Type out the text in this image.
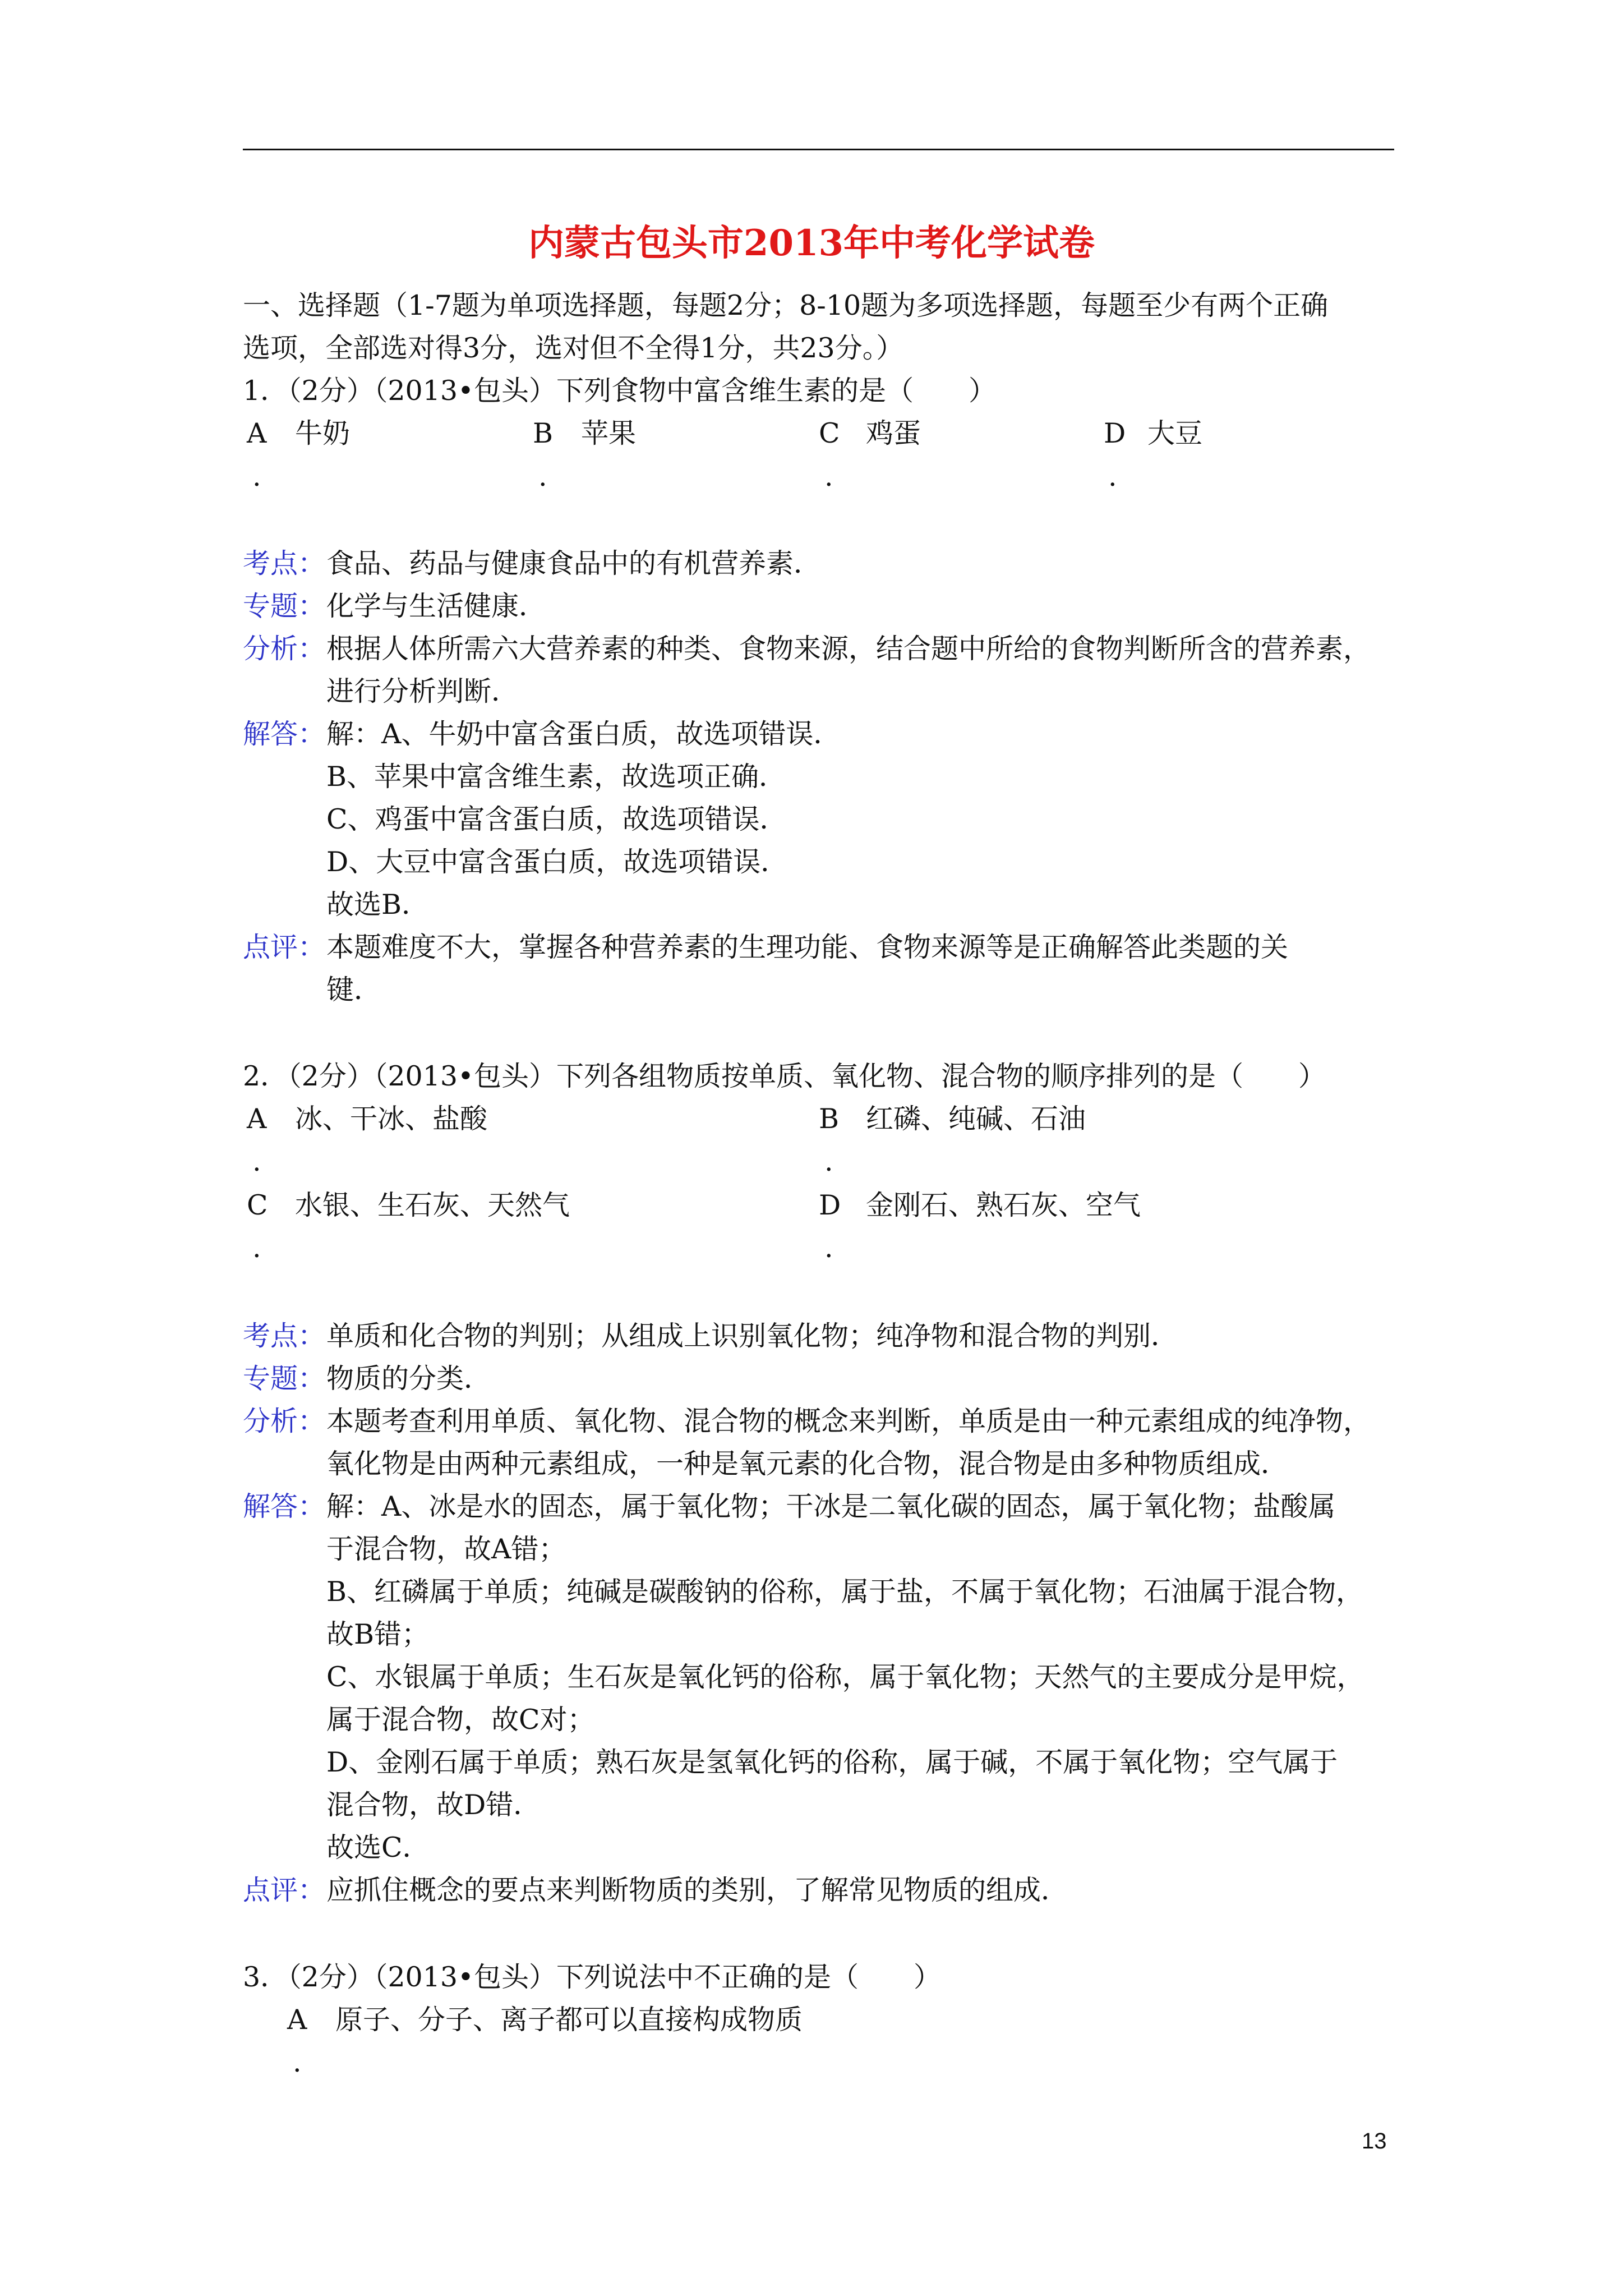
内蒙古包头市2013年中考化学试卷
一、选择题（1-7题为单项选择题，每题2分；8-10题为多项选择题，每题至少有两个正确
选项，全部选对得3分，选对但不全得1分，共23分。）
1．（2分）（2013•包头）下列食物中富含维生素的是（　　）
A 牛奶	B 苹果	C 鸡蛋	D 大豆
.	.	.	.
考点： 食品、药品与健康食品中的有机营养素．
专题： 化学与生活健康．
分析： 根据人体所需六大营养素的种类、食物来源，结合题中所给的食物判断所含的营养素，
进行分析判断．
解答： 解：A、牛奶中富含蛋白质，故选项错误．
B、苹果中富含维生素，故选项正确．
C、鸡蛋中富含蛋白质，故选项错误．
D、大豆中富含蛋白质，故选项错误．
故选B．
点评： 本题难度不大，掌握各种营养素的生理功能、食物来源等是正确解答此类题的关
键．
2．（2分）（2013•包头）下列各组物质按单质、氧化物、混合物的顺序排列的是（　　）
A 冰、干冰、盐酸	B 红磷、纯碱、石油
.	.
C 水银、生石灰、天然气	D 金刚石、熟石灰、空气
.	.
考点： 单质和化合物的判别；从组成上识别氧化物；纯净物和混合物的判别．
专题： 物质的分类．
分析： 本题考查利用单质、氧化物、混合物的概念来判断，单质是由一种元素组成的纯净物，
氧化物是由两种元素组成，一种是氧元素的化合物，混合物是由多种物质组成．
解答： 解：A、冰是水的固态，属于氧化物；干冰是二氧化碳的固态，属于氧化物；盐酸属
于混合物，故A错；
B、红磷属于单质；纯碱是碳酸钠的俗称，属于盐，不属于氧化物；石油属于混合物，
故B错；
C、水银属于单质；生石灰是氧化钙的俗称，属于氧化物；天然气的主要成分是甲烷，
属于混合物，故C对；
D、金刚石属于单质；熟石灰是氢氧化钙的俗称，属于碱，不属于氧化物；空气属于
混合物，故D错．
故选C．
点评： 应抓住概念的要点来判断物质的类别，了解常见物质的组成．
3．（2分）（2013•包头）下列说法中不正确的是（　　）
A 原子、分子、离子都可以直接构成物质
.
13
